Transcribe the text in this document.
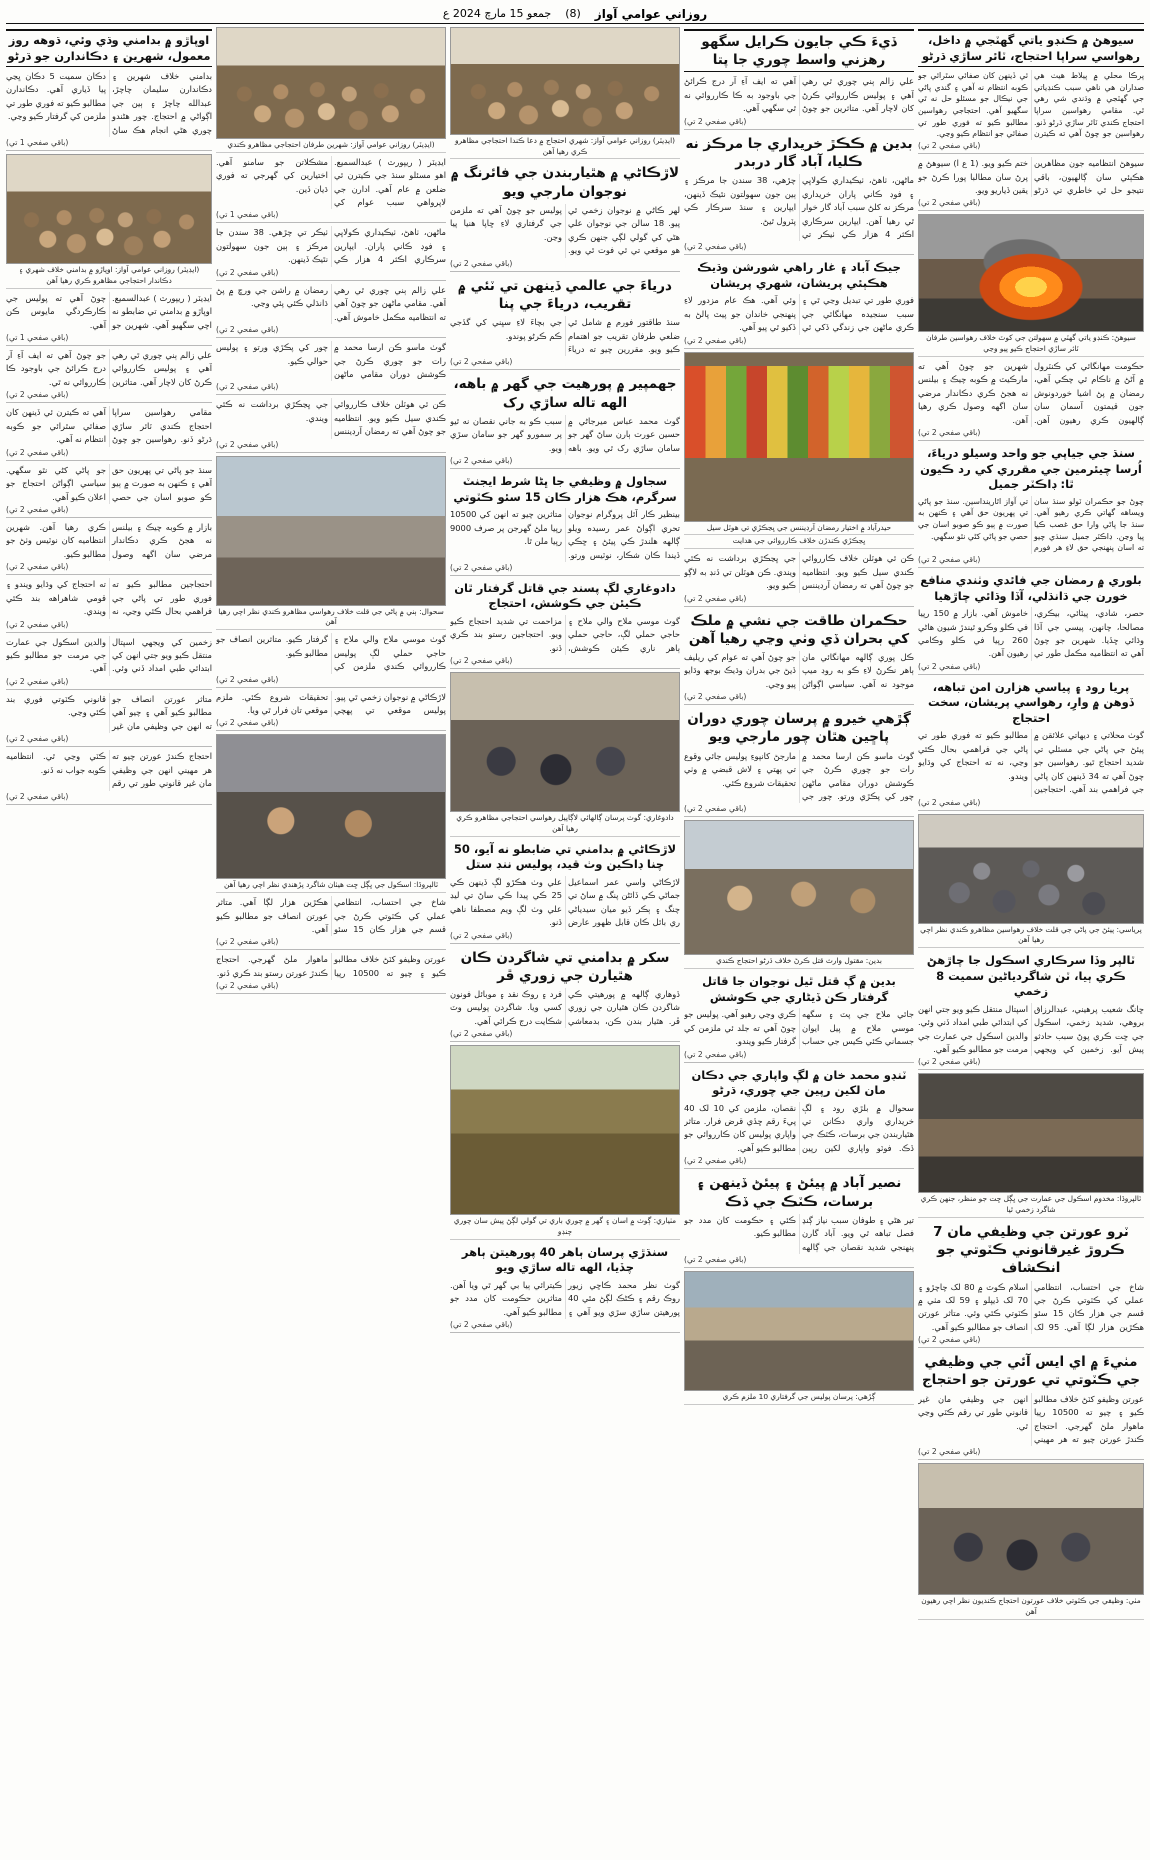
روزاني عوامي آواز
(8)
جمعو 15 مارچ 2024 ع
سيوهڻ ۾ ڪنڊو ياتي گھٽجي ۾ داخل، رهواسي سراپا احتجاج، ٽائر ساڙي ڌرڻو
پرڪا محلي ۾ پيلاط هيٺ هي صداران هي ناهي سبب ڪنڊياتي جي گھٽجي ۾ وڌندي شي رهي ٿي. مقامي رهواسين سراپا احتجاج ڪندي ٽائر ساڙي ڌرڻو ڏنو. رهواسين جو چوڻ آهي ته ڪيترن ئي ڏينهن کان صفائي سٿرائي جو ڪوبه انتظام نه آهي ۽ گندي پاڻي جي نيڪال جو مسئلو حل نه ٿي سگهيو آهي. احتجاجي رهواسين مطالبو ڪيو ته فوري طور تي صفائي جو انتظام ڪيو وڃي.
(باقي صفحي 2 تي)
سيوهڻ انتظاميه جون مظاهرين هڪٻئي سان ڳالهيون، باقي نتيجو حل ٿي خاطري تي ڌرڻو ختم ڪيو ويو. (1 ع ا) سيوهڻ ۾ پرڻ سان مطالبا پورا ڪرڻ جو يقين ڏياريو ويو.
(باقي صفحي 2 تي)
سيوهڻ: ڪنڊو ياتي گھٽي ۾ سهولتن جي کوٽ خلاف رهواسين طرفان ٽائر ساڙي احتجاج ڪيو پيو وڃي
حڪومت مهانگائي کي ڪنٽرول ۾ آڻڻ ۾ ناڪام ٿي چڪي آهي، رمضان ۾ پڻ اشيا خوردونوش جون قيمتون آسمان سان ڳالهيون ڪري رهيون آهن. شهرين جو چوڻ آهي ته مارڪيٽ ۾ ڪوبه چيڪ ۽ بيلنس نه هجڻ ڪري دڪاندار مرضي سان اگهه وصول ڪري رهيا آهن.
(باقي صفحي 2 تي)
سنڌ جي جياپي جو واحد وسيلو درياءَ، اُرسا چيئرمين جي مقرري کي رد ڪيون ٿا: ڊاڪٽر جميل
چوڻ جو حڪمران ٽولو سنڌ سان ويساهه گھاتي ڪري رهيو آهي. سنڌ جا پاڻي وارا حق غصب ڪيا پيا وڃن. ڊاڪٽر جميل سنڌي چيو ته اسان پنهنجي حق لاءِ هر فورم تي آواز اٿارينداسين. سنڌ جو پاڻي تي پهريون حق آهي ۽ ڪنهن به صورت ۾ ٻيو ڪو صوبو اسان جي حصي جو پاڻي کڻي نٿو سگهي.
(باقي صفحي 2 تي)
بلوري ۾ رمضان جي فائدي وٺندي منافع خورن جي ڌانڌلي، آڏا وڌائي چاڙهيا
حصر، شادي، پيٽائي، بيڪري، مصالحا، چانهن، پيسي جي آڏا وڌائي ڇڏيا. شهرين جو چوڻ آهي ته انتظاميه مڪمل طور تي خاموش آهي. بازار ۾ 150 رپيا في ڪلو وڪرو ٿيندڙ شيون هاڻي 260 رپيا في ڪلو وڪامي رهيون آهن.
(باقي صفحي 2 تي)
پريا رود ۽ پياسي هزارن امن تباهه، ڏوهن ۾ وارِ، رهواسي پريشان، سخت احتجاج
گوٺ محلاتي ۽ ديهاتي علائقن ۾ پيئڻ جي پاڻي جي مسئلي تي شديد احتجاج ٿيو. رهواسين جو چوڻ آهي ته 34 ڏينهن کان پاڻي جي فراهمي بند آهي. احتجاجين مطالبو ڪيو ته فوري طور تي پاڻي جي فراهمي بحال ڪئي وڃي، نه ته احتجاج کي وڌايو ويندو.
(باقي صفحي 2 تي)
پرياسي: پيئڻ جي پاڻي جي قلت خلاف رهواسين مظاهرو ڪندي نظر اچي رهيا آهن
ٽالپر وڏا سرڪاري اسڪول جا چاڙهڻ ڪري ٻيا، ٽن شاگردياڻين سميت 8 زخمي
ڇانگ شعيب پرهيني، عبدالرزاق بروهي، شديد زخمي، اسڪول جي ڇت ڪري پوڻ سبب حادثو پيش آيو. زخمين کي ويجهي اسپتال منتقل ڪيو ويو جتي انهن کي ابتدائي طبي امداد ڏني وئي. والدين اسڪول جي عمارت جي مرمت جو مطالبو ڪيو آهي.
(باقي صفحي 2 تي)
ٽالپروڏا: مخدوم اسڪول جي عمارت جي ڀڳل ڇت جو منظر، جنهن ڪري شاگرد زخمي ٿيا
ٽرو عورتن جي وظيفي مان 7 ڪروڙ غيرقانوني ڪٽوتي جو انڪشاف
شاخ جي احتساب، انتظامي عملي کي ڪٽوتي ڪرڻ جي قسم جي هزار ڪان 15 سئو هڪڙين هزار لڳا آهي. 95 لک اسلام ڪوٽ ۾ 80 لک چاچڙو ۽ 70 لک ڏيپلو ۽ 59 لک مٺي ۾ ڪٽوتي ڪئي وئي. متاثر عورتن انصاف جو مطالبو ڪيو آهي.
(باقي صفحي 2 تي)
مٺيءَ ۾ اي ايس آئي جي وظيفي جي ڪٽوتي تي عورتن جو احتجاج
عورتن وظيفو کٽڻ خلاف مطالبو ڪيو ۽ چيو ته 10500 رپيا ماهوار ملڻ گهرجي. احتجاج ڪندڙ عورتن چيو ته هر مهيني انهن جي وظيفي مان غير قانوني طور تي رقم ڪٽي وڃي ٿي.
(باقي صفحي 2 تي)
مٺي: وظيفي جي ڪٽوتي خلاف عورتون احتجاج ڪنديون نظر اچي رهيون آهن
ڏيءَ ڪي جايون ڪرايل سگهو رهزني واسط چوري جا پتا
علي زالم ٻني چوري ٿي رهي آهي ۽ پوليس ڪارروائي ڪرڻ کان لاچار آهي. متاثرين جو چوڻ آهي ته ايف آءِ آر درج ڪرائڻ جي باوجود به ڪا ڪارروائي نه ٿي سگهي آهي.
(باقي صفحي 2 تي)
بدين ۾ ڪڪڙ خريداري جا مرڪز نه ڪليا، آباد گار دربدر
ماڻهن، ٺاهڻ، ٺيڪيداري ڪولاڀي ۽ فوڊ ڪاني پاران خريداري مرڪز نه کلڻ سبب آباد گار خوار ٿي رهيا آهن. ايپارين سرڪاري اڪثر 4 هزار ڪي ٺيڪر تي چڙهي، 38 سندن جا مرڪز ۽ ٻين جون سهولتون نٿيڪ ڏينهن، ايپارين ۽ سنڌ سرڪار ڪي پٽرول ٿيڻ.
(باقي صفحي 2 تي)
جيڪ آباد ۽ غار راهي شورشن وڌيڪ هڪٻئي پريشان، شهري پريشان
فوري طور تي تبديل وڃي ٿي ۽ سبب سنجيده مهانگائي جي ڪري ماڻهن جي زندگي ڏکي ٿي وئي آهي. هڪ عام مزدور لاءِ پنهنجي خاندان جو پيٽ پالڻ به ڏکيو ٿي پيو آهي.
(باقي صفحي 2 تي)
حيدرآباد ۾ اختيار رمضان آرڊيننس جي ڀڃڪڙي تي هوٽل سيل
ڀڃڪڙي ڪندڙن خلاف ڪارروائي جي هدايت
ڪن ئي هوٽلن خلاف ڪارروائي ڪندي سيل ڪيو ويو. انتظاميه جو چوڻ آهي ته رمضان آرڊيننس جي ڀڃڪڙي برداشت نه ڪئي ويندي. ڪن هوٽلن تي ڏنڊ به لاڳو ڪيو ويو.
(باقي صفحي 2 تي)
حڪمران طاقت جي نشي ۾ ملڪ کي بحران ڏي وٺي وڃي رهيا آهن
ڪل پوري ڳالهه مهانگائي مان ٻاهر نڪرڻ لاءِ ڪو به روڊ ميپ موجود نه آهي. سياسي اڳواڻن جو چوڻ آهي ته عوام کي ريليف ڏيڻ جي بدران وڌيڪ بوجھ وڌايو پيو وڃي.
(باقي صفحي 2 تي)
ڳڙهي خيرو ۾ پرسان چوري دوران پاڇين هٿان چور مارجي ويو
گوٺ ماسو ڪن ارسا محمد ۾ رات جو چوري ڪرڻ جي ڪوشش دوران مقامي ماڻهن چور کي پڪڙي ورتو. چور جي مارجڻ کانپوءِ پوليس جائي وقوع تي پهتي ۽ لاش قبضي ۾ وٺي تحقيقات شروع ڪئي.
(باقي صفحي 2 تي)
بدين: مقتول وارث قتل ڪرڻ خلاف ڌرڻو احتجاج ڪندي
بدين ۾ ڳ قتل ٿيل نوجوان جا قاتل گرفتار ڪن ڏيڻاري جي ڪوشش
جائي ملاح جي پٽ ۽ سگهه موسي ملاح ۾ پيل ايوان جسماني ڪئي ڪيس جي حساب ڪري وڃي رهيو آهي. پوليس جو چوڻ آهي ته جلد ئي ملزمن کي گرفتار ڪيو ويندو.
(باقي صفحي 2 تي)
ٽنڊو محمد خان ۾ لڳ واپاري جي دڪان مان لکين رپين جي چوري، ڌرڻو
سحوال ۾ بلڙي رود ۽ لڳ خريداري واري دڪانن تي هٿياربندن جي برسات، ڪٽڪ جي ڏڪ. فوٽو واپاري لکين رپين نقصان، ملزمن کي 10 لک 40 پيءَ رقم ڇڏي قرض فرار. متاثر واپاري پوليس کان ڪارروائي جو مطالبو ڪيو آهي.
(باقي صفحي 2 تي)
نصير آباد ۾ پيئڻ ۽ پيئڻ ڏينهن ۽ برسات، ڪٽڪ جي ڏڪ
تير هڻي ۽ طوفان سبب نياز ڳنڍ فصل تباهه ٿي ويو. آباد گارن پنهنجي شديد نقصان جي ڳالهه ڪئي ۽ حڪومت کان مدد جو مطالبو ڪيو.
(باقي صفحي 2 تي)
ڳڙهي: پرسان پوليس جي گرفتاري 10 ملزم ڪري
(ايڊيٽر) روزاني عوامي آواز: شهري احتجاج ۾ دعا ڪندا احتجاجي مظاهرو ڪري رهيا آهن
لاڙڪاڻي ۾ هٿياربندن جي فائرنگ ۾ نوجوان مارجي ويو
لهر ڪاڻي ۾ نوجوان زخمي ٿي پيو. 18 سالن جي نوجوان علي هڻي کي گولي لڳي جنهن ڪري هو موقعي تي ئي فوت ٿي ويو. پوليس جو چوڻ آهي ته ملزمن جي گرفتاري لاءِ ڇاپا هنيا پيا وڃن.
(باقي صفحي 2 تي)
درياءَ جي عالمي ڏينهن تي ٽئي ۾ تقريب، درياءَ جي پنا
سنڌ طاقتور فورم ۾ شامل ٿي ضلعي طرفان تقريب جو اهتمام ڪيو ويو. مقررين چيو ته درياءَ جي بچاءَ لاءِ سڀني کي گڏجي ڪم ڪرڻو پوندو.
(باقي صفحي 2 تي)
جھمپير ۾ پورهيت جي گھر ۾ باهه، الهه تاله ساڙي رک
گوٺ محمد عباس ميرجاڻي ۾ حسين عورت ٻارن ساڻ گهر جو سامان ساڙي رک ٿي ويو. باهه سبب ڪو به جاني نقصان نه ٿيو پر سمورو گهر جو سامان سڙي ويو.
(باقي صفحي 2 تي)
سجاول ۾ وظيفي جا ڀڻا شرط ايجنٽ سرگرم، هڪ هزار ڪان 15 سئو ڪٽوتي
بينظير ڪار آئل پروگرام نوجوان تحري اڳواڻ عمر رسيده ويلو ڳالهه هلندڙ ڪي پيئڻ ۽ ڇڪي ڏيندا ڪان شڪار، نوٽيس ورتو. متاثرين چيو ته انهن کي 10500 رپيا ملڻ گهرجن پر صرف 9000 رپيا ملن ٿا.
(باقي صفحي 2 تي)
دادوغاري لڳ پسند جي قاتل گرفتار ٿان ڪيئن جي ڪوشش، احتجاج
گوٺ موسي ملاح والي ملاح ۽ حاجي حملي لڳ، حاجي حملي ٻاهر ناري ڪيئن ڪوشش، مزاحمت تي شديد احتجاج ڪيو ويو. احتجاجين رستو بند ڪري ڏنو.
(باقي صفحي 2 تي)
دادوغاري: گوٺ پرسان ڳالهائي لاڳاپيل رهواسي احتجاجي مظاهرو ڪري رهيا آهن
لاڙڪاڻي ۾ بدامني تي ضابطو نه آيو، 50 چنا ڊاڪين وٺ قيد، پوليس ننڊ ستل
لاڙڪاڻي واسي عمر اسماعيل جماڻي ڪي ڏائڻن پنگ ۾ ساڻ تي چنگ ۽ ٻڪر ڏيو ميان سيدياڻي ري بائل ڪان قابل ظهور عارض علي وٺ هڪڙو لڳ ڏينهن ڪي 25 ڪي پيدا ڪي ساڻ تي ليڊ علي وٺ لڳ ويم مصطفا ناهي ڏنو.
(باقي صفحي 2 تي)
سکر ۾ بدامني تي شاگردن ڪان هٿيارن جي زوري ڦر
ڏوهاري ڳالهه ۾ پورهيتي ڪي شاگردن ڪان هٿيارن جي زوري ڦر. هٿيار بندن ڪن، بدمعاشي فرد ۽ روڪ نقد ۽ موبائل فونون کسي ويا. شاگردن پوليس وٽ شڪايت درج ڪرائي آهي.
(باقي صفحي 2 تي)
مٺياري: ڳوٺ ۾ اسان ۽ گھر ۾ چوري باري تي گولي لڳڻ پيش سان چوري چنڊو
سنڌڙي پرسان ٻاهر 40 پورهيتن ٻاهر چڏيا، الھه تاله ساڙي ويو
گوٺ نظر محمد ڪاڇي زيور روڪ رقم ۽ ڪڻڪ لڳڻ مٿي 40 پورهيتن ساڙي سڙي ويو آهي ۽ ڪيترائي ٻيا بي گھر ٿي ويا آهن. متاثرين حڪومت کان مدد جو مطالبو ڪيو آهي.
(باقي صفحي 2 تي)
(ايڊيٽر) روزاني عوامي آواز: شهرين طرفان احتجاجي مظاهرو ڪندي
ايڊيٽر ( ريپورٽ ) عبدالسميع. اهو مسئلو سنڌ جي ڪيترن ئي ضلعن ۾ عام آهي. ادارن جي لاپرواهي سبب عوام کي مشڪلاتن جو سامنو آهي. اختيارين کي گهرجي ته فوري ڌيان ڏين.
(باقي صفحي 1 تي)
ماڻهن، ٺاهڻ، ٺيڪيداري ڪولاڀي ۽ فوڊ ڪاني پاران. ايپارين سرڪاري اڪثر 4 هزار ڪي ٺيڪر تي چڙهي. 38 سندن جا مرڪز ۽ ٻين جون سهولتون نٿيڪ ڏينهن.
(باقي صفحي 2 تي)
علي زالم ٻني چوري ٿي رهي آهي. مقامي ماڻهن جو چوڻ آهي ته انتظاميه مڪمل خاموش آهي. رمضان ۾ راشن جي ورڇ ۾ پڻ ڌانڌلي ڪئي پئي وڃي.
(باقي صفحي 2 تي)
گوٺ ماسو ڪن ارسا محمد ۾ رات جو چوري ڪرڻ جي ڪوشش دوران مقامي ماڻهن چور کي پڪڙي ورتو ۽ پوليس حوالي ڪيو.
(باقي صفحي 2 تي)
ڪن ئي هوٽلن خلاف ڪارروائي ڪندي سيل ڪيو ويو. انتظاميه جو چوڻ آهي ته رمضان آرڊيننس جي ڀڃڪڙي برداشت نه ڪئي ويندي.
(باقي صفحي 2 تي)
سحوال: ٻني ۾ پاڻي جي قلت خلاف رهواسي مظاهرو ڪندي نظر اچي رهيا آهن
گوٺ موسي ملاح والي ملاح ۽ حاجي حملي لڳ پوليس ڪارروائي ڪندي ملزمن کي گرفتار ڪيو. متاثرين انصاف جو مطالبو ڪيو.
(باقي صفحي 2 تي)
لاڙڪاڻي ۾ نوجوان زخمي ٿي پيو. پوليس موقعي تي پهچي تحقيقات شروع ڪئي. ملزم موقعي تان فرار ٿي ويا.
(باقي صفحي 2 تي)
ٽالپروڏا: اسڪول جي ڀڳل ڇت هيٺان شاگرد پڙهندي نظر اچي رهيا آهن
شاخ جي احتساب، انتظامي عملي کي ڪٽوتي ڪرڻ جي قسم جي هزار ڪان 15 سئو هڪڙين هزار لڳا آهي. متاثر عورتن انصاف جو مطالبو ڪيو آهي.
(باقي صفحي 2 تي)
عورتن وظيفو کٽڻ خلاف مطالبو ڪيو ۽ چيو ته 10500 رپيا ماهوار ملڻ گهرجي. احتجاج ڪندڙ عورتن رستو بند ڪري ڏنو.
(باقي صفحي 2 تي)
اوپاڙو ۾ بدامني وڌي وئي، ڌوهه روز معمول، شهرين ۽ دڪاندارن جو ڌرڻو
بدامني خلاف شهرين ۽ دڪاندارن سليمان چاچڙ، عبدالله چاچڙ ۽ ٻين جي اڳواڻي ۾ احتجاج. چور هڻندو چوري هڻي انجام هڪ ساڻ دڪان سميت 5 دڪان ڀڃي پيا ڏياري آهي. دڪاندارن مطالبو ڪيو ته فوري طور تي ملزمن کي گرفتار ڪيو وڃي.
(باقي صفحي 1 تي)
(ايڊيٽر) روزاني عوامي آواز: اوپاڙو ۾ بدامني خلاف شهري ۽ دڪاندار احتجاجي مظاهرو ڪري رهيا آهن
ايڊيٽر ( ريپورٽ ) عبدالسميع. اوپاڙو ۾ بدامني تي ضابطو نه اچي سگهيو آهي. شهرين جو چوڻ آهي ته پوليس جي ڪارڪردگي مايوس ڪن آهي.
(باقي صفحي 1 تي)
علي زالم ٻني چوري ٿي رهي آهي ۽ پوليس ڪارروائي ڪرڻ کان لاچار آهي. متاثرين جو چوڻ آهي ته ايف آءِ آر درج ڪرائڻ جي باوجود ڪا ڪارروائي نه ٿي.
(باقي صفحي 2 تي)
مقامي رهواسين سراپا احتجاج ڪندي ٽائر ساڙي ڌرڻو ڏنو. رهواسين جو چوڻ آهي ته ڪيترن ئي ڏينهن کان صفائي سٿرائي جو ڪوبه انتظام نه آهي.
(باقي صفحي 2 تي)
سنڌ جو پاڻي تي پهريون حق آهي ۽ ڪنهن به صورت ۾ ٻيو ڪو صوبو اسان جي حصي جو پاڻي کڻي نٿو سگهي. سياسي اڳواڻن احتجاج جو اعلان ڪيو آهي.
(باقي صفحي 2 تي)
بازار ۾ ڪوبه چيڪ ۽ بيلنس نه هجڻ ڪري دڪاندار مرضي سان اگهه وصول ڪري رهيا آهن. شهرين انتظاميه کان نوٽيس وٺڻ جو مطالبو ڪيو.
(باقي صفحي 2 تي)
احتجاجين مطالبو ڪيو ته فوري طور تي پاڻي جي فراهمي بحال ڪئي وڃي، نه ته احتجاج کي وڌايو ويندو ۽ قومي شاهراهه بند ڪئي ويندي.
(باقي صفحي 2 تي)
زخمين کي ويجهي اسپتال منتقل ڪيو ويو جتي انهن کي ابتدائي طبي امداد ڏني وئي. والدين اسڪول جي عمارت جي مرمت جو مطالبو ڪيو آهي.
(باقي صفحي 2 تي)
متاثر عورتن انصاف جو مطالبو ڪيو آهي ۽ چيو آهي ته انهن جي وظيفي مان غير قانوني ڪٽوتي فوري بند ڪئي وڃي.
(باقي صفحي 2 تي)
احتجاج ڪندڙ عورتن چيو ته هر مهيني انهن جي وظيفي مان غير قانوني طور تي رقم ڪٽي وڃي ٿي. انتظاميه ڪوبه جواب نه ڏنو.
(باقي صفحي 2 تي)
